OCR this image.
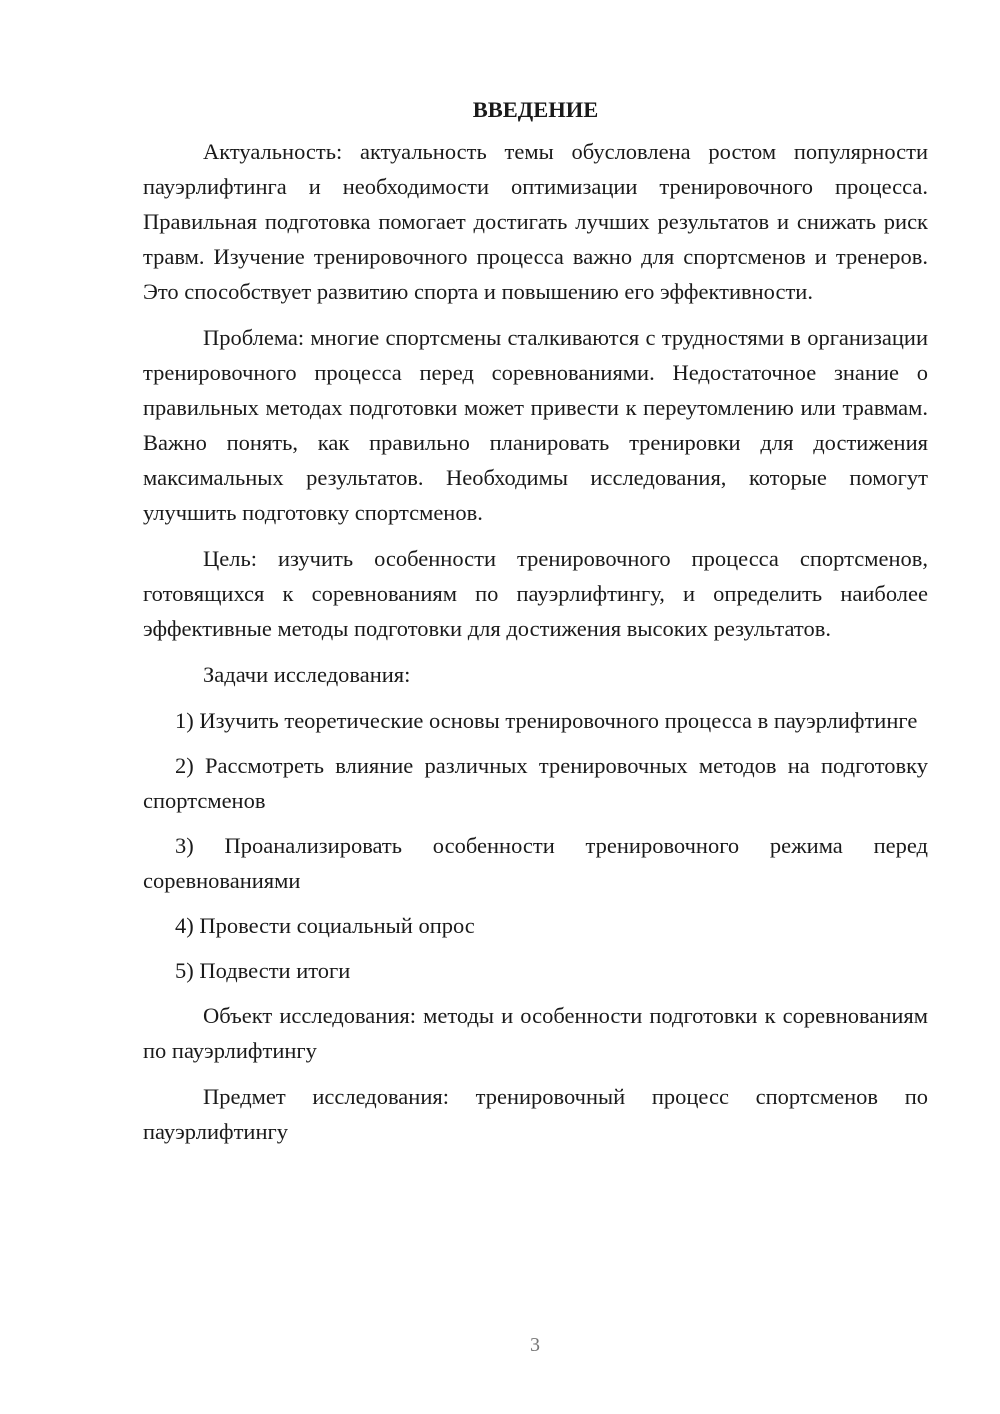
ВВЕДЕНИЕ

Актуальность: актуальность темы обусловлена ростом популярности пауэрлифтинга и необходимости оптимизации тренировочного процесса. Правильная подготовка помогает достигать лучших результатов и снижать риск травм. Изучение тренировочного процесса важно для спортсменов и тренеров. Это способствует развитию спорта и повышению его эффективности.

Проблема: многие спортсмены сталкиваются с трудностями в организации тренировочного процесса перед соревнованиями. Недостаточное знание о правильных методах подготовки может привести к переутомлению или травмам. Важно понять, как правильно планировать тренировки для достижения максимальных результатов. Необходимы исследования, которые помогут улучшить подготовку спортсменов.

Цель: изучить особенности тренировочного процесса спортсменов, готовящихся к соревнованиям по пауэрлифтингу, и определить наиболее эффективные методы подготовки для достижения высоких результатов.

Задачи исследования:

1) Изучить теоретические основы тренировочного процесса в пауэрлифтинге

2) Рассмотреть влияние различных тренировочных методов на подготовку спортсменов

3) Проанализировать особенности тренировочного режима перед соревнованиями

4) Провести социальный опрос

5) Подвести итоги

Объект исследования: методы и особенности подготовки к соревнованиям по пауэрлифтингу

Предмет исследования: тренировочный процесс спортсменов по пауэрлифтингу

3
